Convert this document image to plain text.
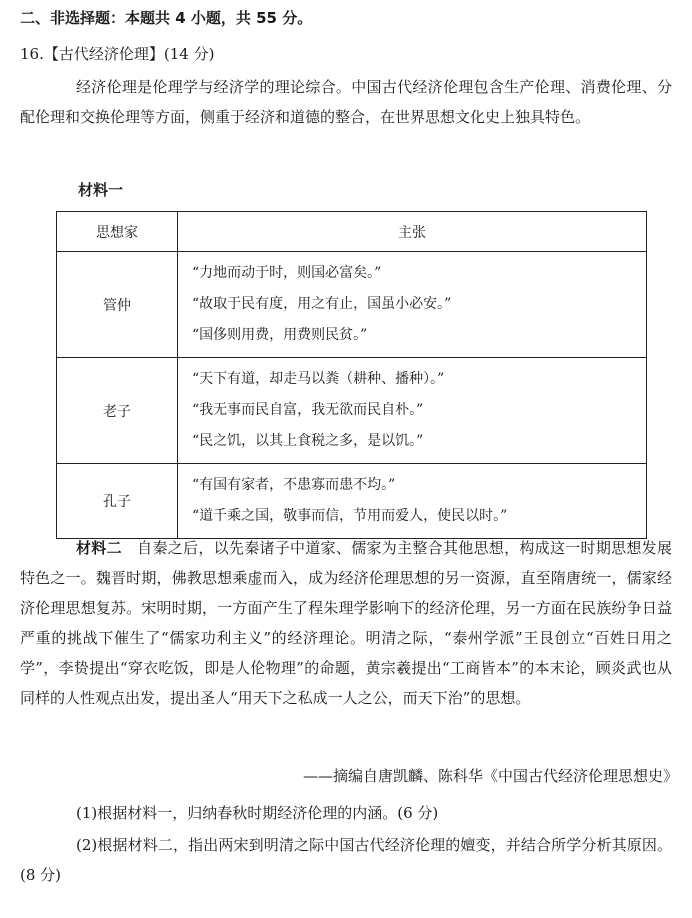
二、非选择题：本题共 4 小题，共 55 分。
16.【古代经济伦理】(14 分)
经济伦理是伦理学与经济学的理论综合。中国古代经济伦理包含生产伦理、消费伦理、分配伦理和交换伦理等方面，侧重于经济和道德的整合，在世界思想文化史上独具特色。
材料一
思想家	主张
管仲	“力地而动于时，则国必富矣。”
“故取于民有度，用之有止，国虽小必安。”
“国侈则用费，用费则民贫。”

老子	“天下有道，却走马以粪（耕种、播种）。”
“我无事而民自富，我无欲而民自朴。”
“民之饥，以其上食税之多，是以饥。”

孔子	“有国有家者，不患寡而患不均。”
“道千乘之国，敬事而信，节用而爱人，使民以时。”
材料二　 自秦之后，以先秦诸子中道家、儒家为主整合其他思想，构成这一时期思想发展特色之一。魏晋时期，佛教思想乘虚而入，成为经济伦理思想的另一资源，直至隋唐统一，儒家经济伦理思想复苏。宋明时期，一方面产生了程朱理学影响下的经济伦理，另一方面在民族纷争日益严重的挑战下催生了“儒家功利主义”的经济理论。明清之际，“泰州学派”王艮创立“百姓日用之学”，李贽提出“穿衣吃饭，即是人伦物理”的命题，黄宗羲提出“工商皆本”的本末论，顾炎武也从同样的人性观点出发，提出圣人“用天下之私成一人之公，而天下治”的思想。
——摘编自唐凯麟、陈科华《中国古代经济伦理思想史》
(1)根据材料一，归纳春秋时期经济伦理的内涵。(6 分)
(2)根据材料二，指出两宋到明清之际中国古代经济伦理的嬗变，并结合所学分析其原因。(8 分)
